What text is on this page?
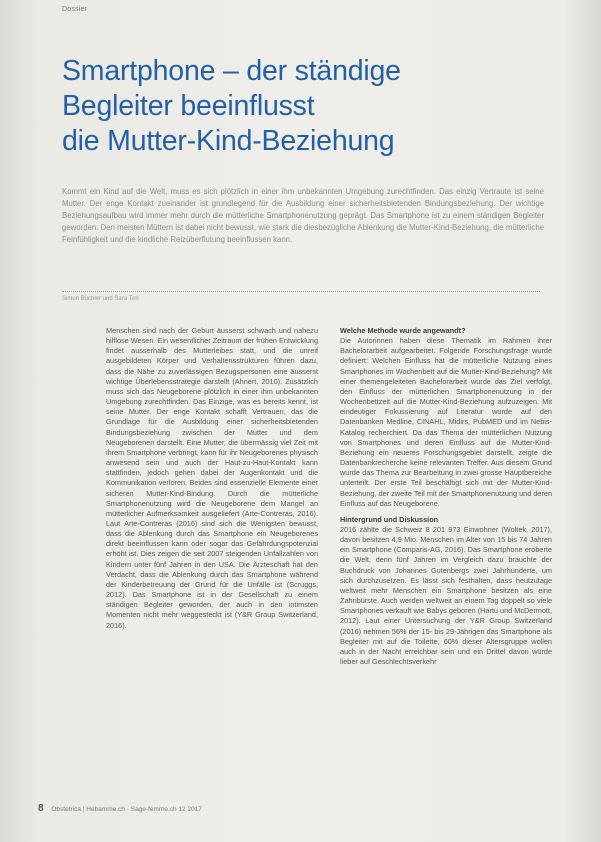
Dossier
Smartphone – der ständige
Begleiter beeinflusst
die Mutter-Kind-Beziehung

Kommt ein Kind auf die Welt, muss es sich plötzlich in einer ihm unbekannten Umgebung zurechtfinden. Das einzig Vertraute ist seine Mutter. Der enge Kontakt zueinander ist grundlegend für die Ausbildung einer sicherheitsbietenden Bindungsbeziehung. Der wichtige Beziehungsaufbau wird immer mehr durch die mütterliche Smartphonenutzung geprägt. Das Smartphone ist zu einem ständigen Begleiter geworden. Den meisten Müttern ist dabei nicht bewusst, wie stark die diesbezügliche Ablenkung die Mutter-Kind-Beziehung, die mütterliche Feinfühligkeit und die kindliche Reizüberflutung beeinflussen kann.

Simon Büchler und Sara Tirri

Menschen sind nach der Geburt äusserst schwach und nahezu hilflose Wesen. Ein wesentlicher Zeitraum der frühen Entwicklung findet ausserhalb des Mutterleibes statt, und die unreif ausgebildeten Körper und Verhaltensstrukturen führen dazu, dass die Nähe zu zuverlässigen Bezugspersonen eine äusserst wichtige Überlebensstrategie darstellt (Ahnert, 2010). Zusätzlich muss sich das Neugeborene plötzlich in einer ihm unbekannten Umgebung zurechtfinden. Das Einzige, was es bereits kennt, ist seine Mutter. Der enge Kontakt schafft Vertrauen, das die Grundlage für die Ausbildung einer sicherheitsbietenden Bindungsbeziehung zwischen der Mutter und dem Neugeborenen darstellt. Eine Mutter, die übermässig viel Zeit mit ihrem Smartphone verbringt, kann für ihr Neugeborenes physisch anwesend sein und auch der Haut-zu-Haut-Kontakt kann stattfinden, jedoch gehen dabei der Augenkontakt und die Kommunikation verloren. Beides sind essenzielle Elemente einer sicheren Mutter-Kind-Bindung. Durch die mütterliche Smartphonenutzung wird die Neugeborene dem Mangel an mütterlicher Aufmerksamkeit ausgeliefert (Arte-Contreras, 2016). Laut Arte-Contreras (2016) sind sich die Wenigsten bewusst, dass die Ablenkung durch das Smartphone ein Neugeborenes direkt beeinflussen kann oder sogar das Gefährdungspotenzial erhöht ist. Dies zeigen die seit 2007 steigenden Unfallzahlen von Kindern unter fünf Jahren in den USA. Die Ärzteschaft hat den Verdacht, dass die Ablenkung durch das Smartphone während der Kinderbetreuung der Grund für die Unfälle ist (Scruggs, 2012). Das Smartphone ist in der Gesellschaft zu einem ständigen Begleiter geworden, der auch in den intimsten Momenten nicht mehr weggesteckt ist (Y&R Group Switzerland, 2016).

Welche Methode wurde angewandt?

Die Autorinnen haben diese Thematik im Rahmen ihrer Bachelorarbeit aufgearbeitet. Folgende Forschungsfrage wurde definiert: Welchen Einfluss hat die mütterliche Nutzung eines Smartphones im Wochenbett auf die Mutter-Kind-Beziehung? Mit einer themengeleiteten Bachelorarbeit wurde das Ziel verfolgt, den Einfluss der mütterlichen Smartphonenutzung in der Wochenbettzeit auf die Mutter-Kind-Beziehung aufzuzeigen. Mit eindeutiger Fokussierung auf Literatur wurde auf den Datenbanken Medline, CINAHL, Midirs, PubMED und im Nebis-Katalog recherchiert. Da das Thema der mütterlichen Nutzung von Smartphones und deren Einfluss auf die Mutter-Kind-Beziehung ein neueres Forschungsgebiet darstellt, zeigte die Datenbankrecherche keine relevanten Treffer. Aus diesem Grund wurde das Thema zur Bearbeitung in zwei grosse Hauptbereiche unterteilt. Der erste Teil beschäftigt sich mit der Mutter-Kind-Beziehung, der zweite Teil mit der Smartphonenutzung und deren Einfluss auf das Neugeborene.

Hintergrund und Diskussion

2016 zählte die Schweiz 8 201 973 Einwohner (Woltek, 2017), davon besitzen 4,9 Mio. Menschen im Alter von 15 bis 74 Jahren ein Smartphone (Comparis-AG, 2016). Das Smartphone eroberte die Welt, denn fünf Jahren im Vergleich dazu brauchte der Buchdruck von Johannes Gutenbergs zwei Jahrhunderte, um sich durchzusetzen. Es lässt sich festhalten, dass heutzutage weltweit mehr Menschen ein Smartphone besitzen als eine Zahnbürste. Auch werden weltweit an einem Tag doppelt so viele Smartphones verkauft wie Babys geboren (Hartu und McDermott, 2012). Laut einer Untersuchung der Y&R Group Switzerland (2016) nehmen 56% der 15- bis 29-Jährigen das Smartphone als Begleiter mit auf die Toilette, 60% dieser Altersgruppe wollen auch in der Nacht erreichbar sein und ein Drittel davon würde lieber auf Geschlechtsverkehr

8 Obstetrica | Hebamme.ch · Sage-femme.ch 12 2017
